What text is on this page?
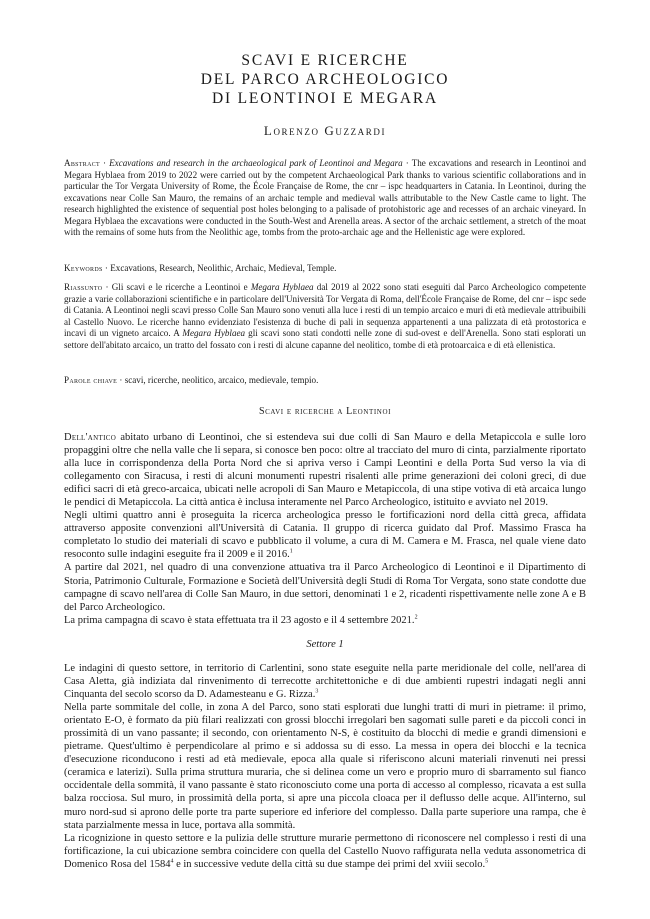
SCAVI E RICERCHE
DEL PARCO ARCHEOLOGICO
DI LEONTINOI E MEGARA
Lorenzo Guzzardi
Abstract · Excavations and research in the archaeological park of Leontinoi and Megara · The excavations and research in Leontinoi and Megara Hyblaea from 2019 to 2022 were carried out by the competent Archaeological Park thanks to various scientific collaborations and in particular the Tor Vergata University of Rome, the École Française de Rome, the cnr – ispc headquarters in Catania. In Leontinoi, during the excavations near Colle San Mauro, the remains of an archaic temple and medieval walls attributable to the New Castle came to light. The research highlighted the existence of sequential post holes belonging to a palisade of protohistoric age and recesses of an archaic vineyard. In Megara Hyblaea the excavations were conducted in the South-West and Arenella areas. A sector of the archaic settlement, a stretch of the moat with the remains of some huts from the Neolithic age, tombs from the proto-archaic age and the Hellenistic age were explored.
Keywords · Excavations, Research, Neolithic, Archaic, Medieval, Temple.
Riassunto · Gli scavi e le ricerche a Leontinoi e Megara Hyblaea dal 2019 al 2022 sono stati eseguiti dal Parco Archeologico competente grazie a varie collaborazioni scientifiche e in particolare dell'Università Tor Vergata di Roma, dell'École Française de Rome, del cnr – ispc sede di Catania. A Leontinoi negli scavi presso Colle San Mauro sono venuti alla luce i resti di un tempio arcaico e muri di età medievale attribuibili al Castello Nuovo. Le ricerche hanno evidenziato l'esistenza di buche di pali in sequenza appartenenti a una palizzata di età protostorica e incavi di un vigneto arcaico. A Megara Hyblaea gli scavi sono stati condotti nelle zone di sud-ovest e dell'Arenella. Sono stati esplorati un settore dell'abitato arcaico, un tratto del fossato con i resti di alcune capanne del neolitico, tombe di età protoarcaica e di età ellenistica.
Parole chiave · scavi, ricerche, neolitico, arcaico, medievale, tempio.
Scavi e ricerche a Leontinoi

Dell'antico abitato urbano di Leontinoi, che si estendeva sui due colli di San Mauro e della Metapiccola e sulle loro propaggini oltre che nella valle che li separa, si conosce ben poco: oltre al tracciato del muro di cinta, parzialmente riportato alla luce in corrispondenza della Porta Nord che si apriva verso i Campi Leontini e della Porta Sud verso la via di collegamento con Siracusa, i resti di alcuni monumenti rupestri risalenti alle prime generazioni dei coloni greci, di due edifici sacri di età greco-arcaica, ubicati nelle acropoli di San Mauro e Metapiccola, di una stipe votiva di età arcaica lungo le pendici di Metapiccola. La città antica è inclusa interamente nel Parco Archeologico, istituito e avviato nel 2019.

Negli ultimi quattro anni è proseguita la ricerca archeologica presso le fortificazioni nord della città greca, affidata attraverso apposite convenzioni all'Università di Catania. Il gruppo di ricerca guidato dal Prof. Massimo Frasca ha completato lo studio dei materiali di scavo e pubblicato il volume, a cura di M. Camera e M. Frasca, nel quale viene dato resoconto sulle indagini eseguite fra il 2009 e il 2016.$^1$

A partire dal 2021, nel quadro di una convenzione attuativa tra il Parco Archeologico di Leontinoi e il Dipartimento di Storia, Patrimonio Culturale, Formazione e Società dell'Università degli Studi di Roma Tor Vergata, sono state condotte due campagne di scavo nell'area di Colle San Mauro, in due settori, denominati 1 e 2, ricadenti rispettivamente nelle zone A e B del Parco Archeologico.

La prima campagna di scavo è stata effettuata tra il 23 agosto e il 4 settembre 2021.$^2$

Settore 1

Le indagini di questo settore, in territorio di Carlentini, sono state eseguite nella parte meridionale del colle, nell'area di Casa Aletta, già indiziata dal rinvenimento di terrecotte architettoniche e di due ambienti rupestri indagati negli anni Cinquanta del secolo scorso da D. Adamesteanu e G. Rizza.$^3$

Nella parte sommitale del colle, in zona A del Parco, sono stati esplorati due lunghi tratti di muri in pietrame: il primo, orientato E-O, è formato da più filari realizzati con grossi blocchi irregolari ben sagomati sulle pareti e da piccoli conci in prossimità di un vano passante; il secondo, con orientamento N-S, è costituito da blocchi di medie e grandi dimensioni e pietrame. Quest'ultimo è perpendicolare al primo e si addossa su di esso. La messa in opera dei blocchi e la tecnica d'esecuzione riconducono i resti ad età medievale, epoca alla quale si riferiscono alcuni materiali rinvenuti nei pressi (ceramica e laterizi). Sulla prima struttura muraria, che si delinea come un vero e proprio muro di sbarramento sul fianco occidentale della sommità, il vano passante è stato riconosciuto come una porta di accesso al complesso, ricavata a est sulla balza rocciosa. Sul muro, in prossimità della porta, si apre una piccola cloaca per il deflusso delle acque. All'interno, sul muro nord-sud si aprono delle porte tra parte superiore ed inferiore del complesso. Dalla parte superiore una rampa, che è stata parzialmente messa in luce, portava alla sommità.

La ricognizione in questo settore e la pulizia delle strutture murarie permettono di riconoscere nel complesso i resti di una fortificazione, la cui ubicazione sembra coincidere con quella del Castello Nuovo raffigurata nella veduta assonometrica di Domenico Rosa del 1584$^4$ e in successive vedute della città su due stampe dei primi del xviii secolo.$^5$
